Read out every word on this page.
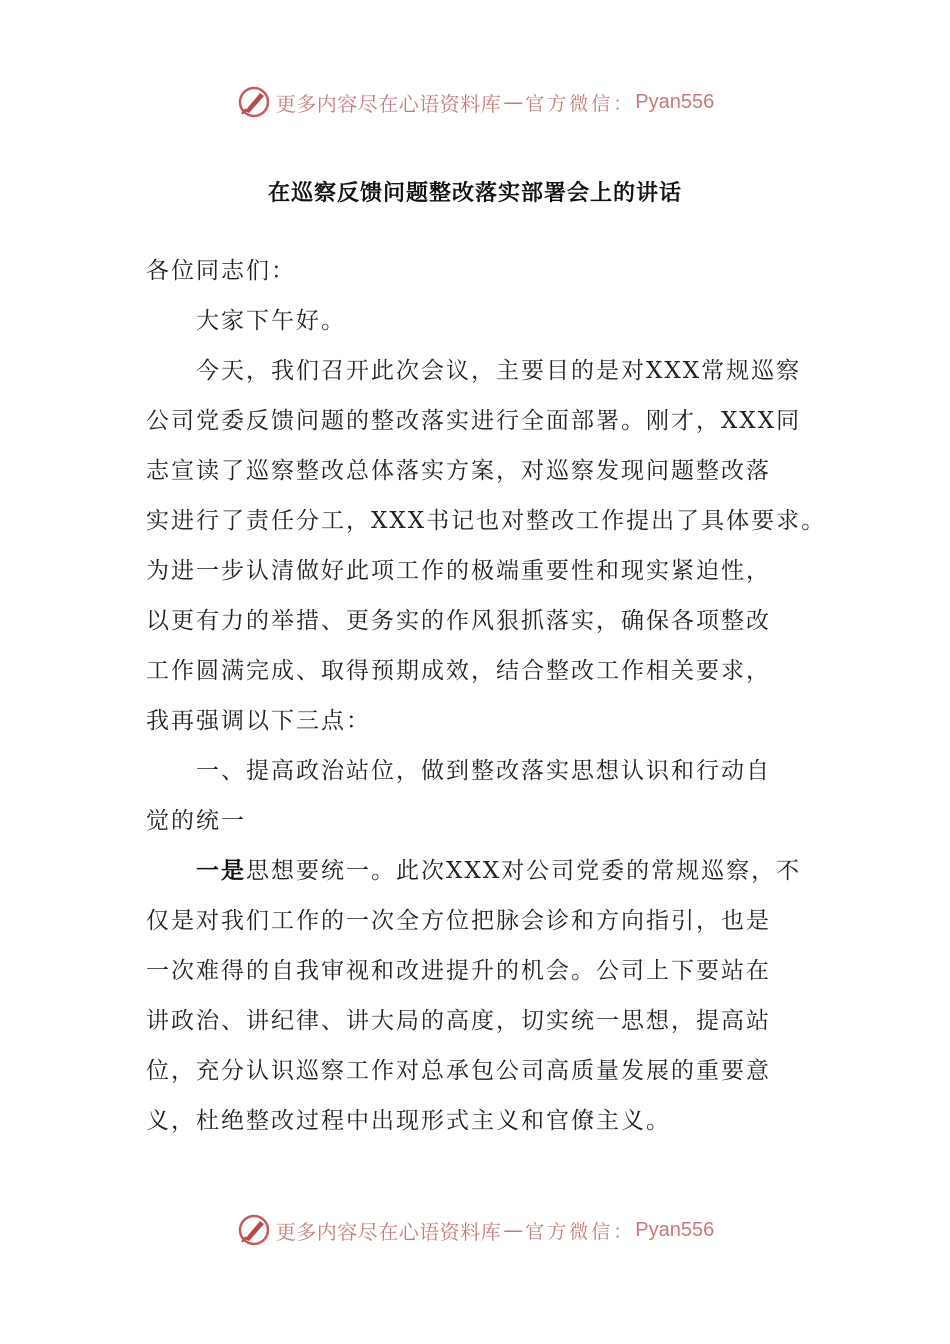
更多内容尽在心语资料库 — 官方微信： Pyan556
在巡察反馈问题整改落实部署会上的讲话
各位同志们：
大家下午好。
今天，我们召开此次会议，主要目的是对XXX常规巡察
公司党委反馈问题的整改落实进行全面部署。刚才，XXX同
志宣读了巡察整改总体落实方案，对巡察发现问题整改落
实进行了责任分工，XXX书记也对整改工作提出了具体要求。
为进一步认清做好此项工作的极端重要性和现实紧迫性，
以更有力的举措、更务实的作风狠抓落实，确保各项整改
工作圆满完成、取得预期成效，结合整改工作相关要求，
我再强调以下三点：
一、提高政治站位，做到整改落实思想认识和行动自
觉的统一
一是思想要统一。此次XXX对公司党委的常规巡察，不
仅是对我们工作的一次全方位把脉会诊和方向指引，也是
一次难得的自我审视和改进提升的机会。公司上下要站在
讲政治、讲纪律、讲大局的高度，切实统一思想，提高站
位，充分认识巡察工作对总承包公司高质量发展的重要意
义，杜绝整改过程中出现形式主义和官僚主义。
更多内容尽在心语资料库 — 官方微信： Pyan556
